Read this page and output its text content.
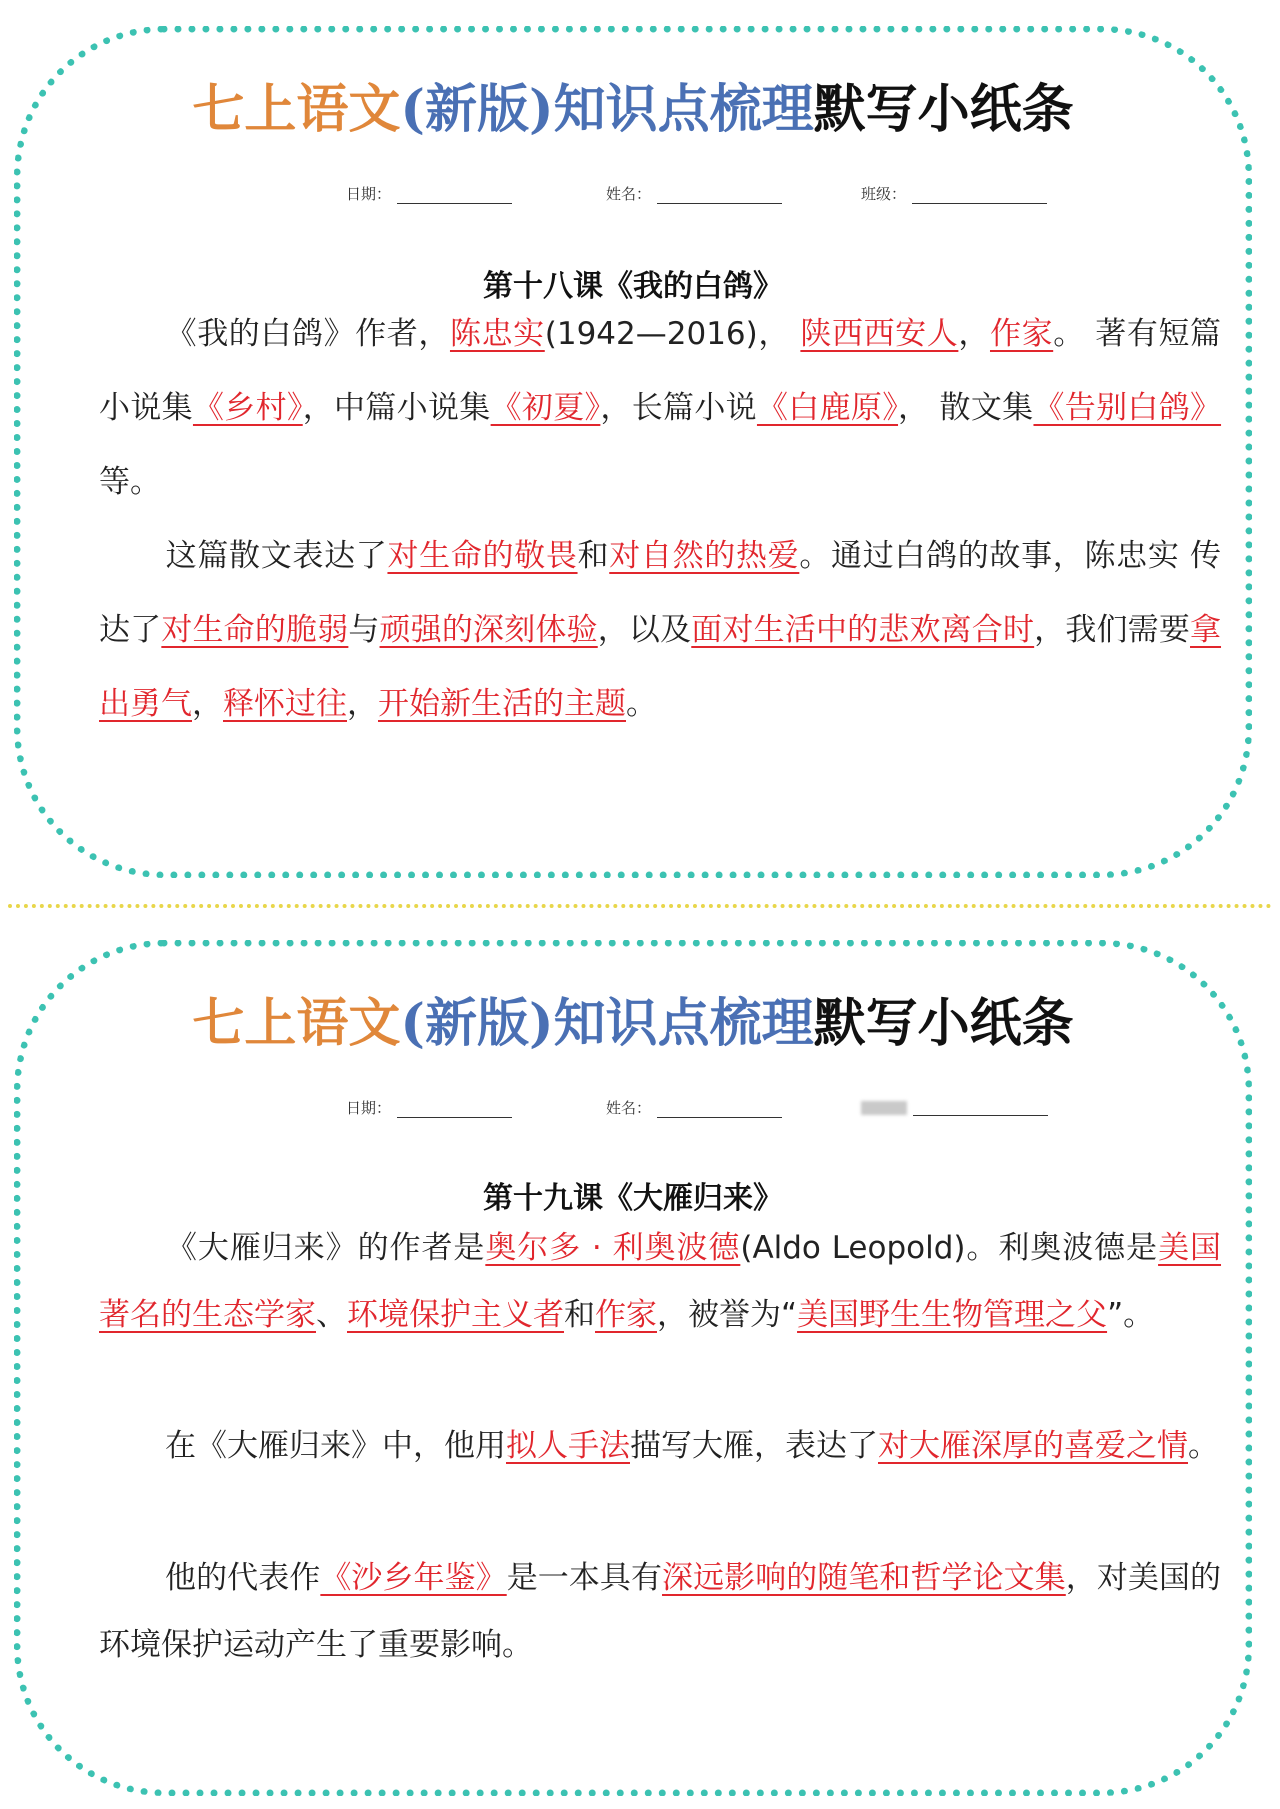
七上语文(新版)知识点梳理默写小纸条
日期：	姓名：	班级：
第十八课《我的白鸽》

《我的白鸽》作者，陈忠实(1942—2016)， 陕西西安人，作家。 著有短篇小说集《乡村》，中篇小说集《初夏》，长篇小说《白鹿原》， 散文集《告别白鸽》等。

这篇散文表达了对生命的敬畏和对自然的热爱。通过白鸽的故事，陈忠实 传达了对生命的脆弱与顽强的深刻体验，以及面对生活中的悲欢离合时，我们需要拿出勇气，释怀过往，开始新生活的主题。

七上语文(新版)知识点梳理默写小纸条
日期：	姓名：
第十九课《大雁归来》

《大雁归来》的作者是奥尔多 · 利奥波德(Aldo Leopold)。利奥波德是美国著名的生态学家、环境保护主义者和作家，被誉为“美国野生生物管理之父”。

在《大雁归来》中，他用拟人手法描写大雁，表达了对大雁深厚的喜爱之情。

他的代表作《沙乡年鉴》是一本具有深远影响的随笔和哲学论文集，对美国的环境保护运动产生了重要影响。
